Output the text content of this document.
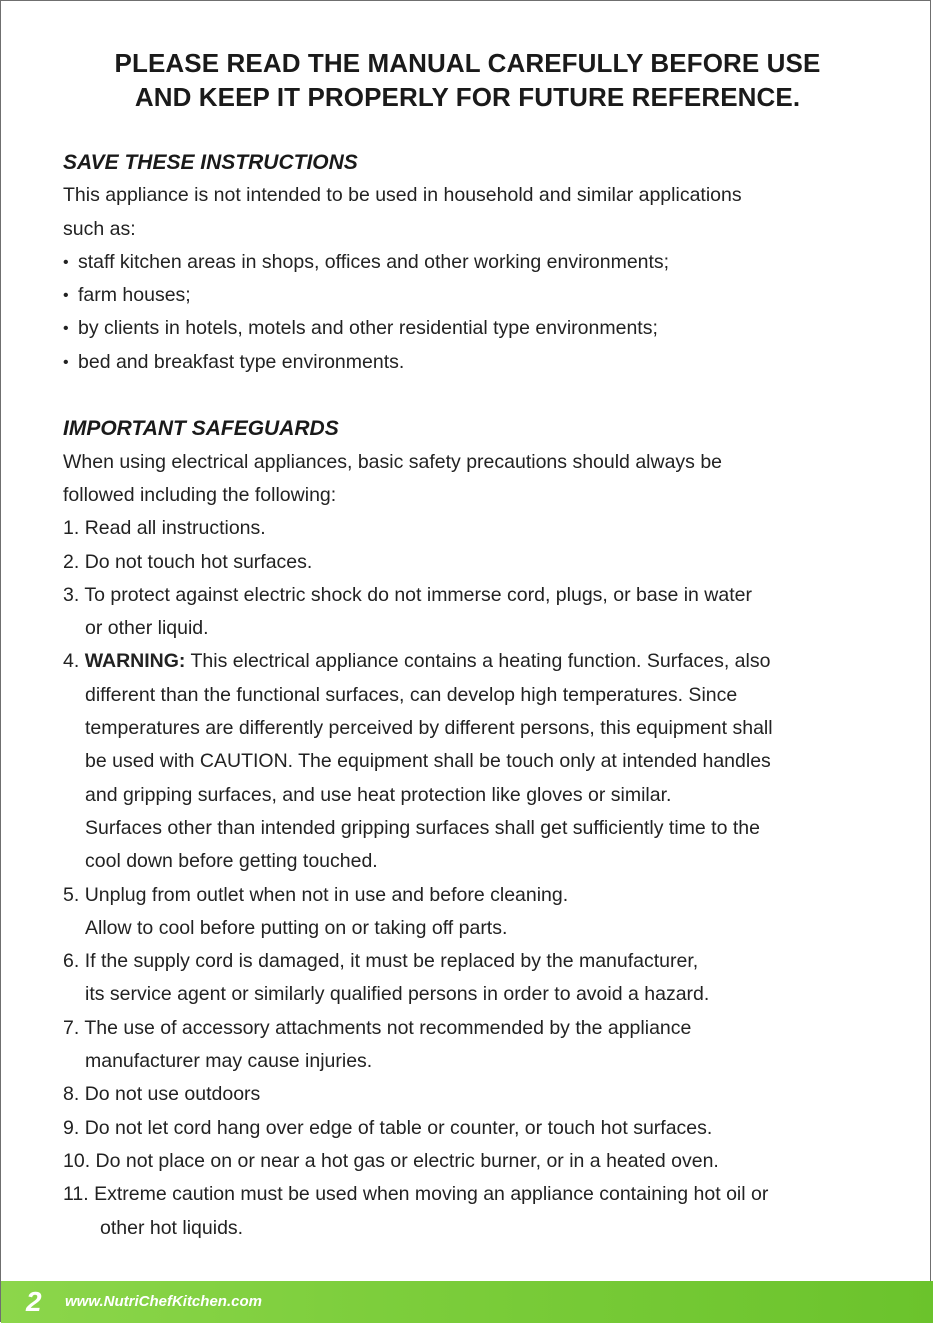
PLEASE READ THE MANUAL CAREFULLY BEFORE USE
AND KEEP IT PROPERLY FOR FUTURE REFERENCE.
SAVE THESE INSTRUCTIONS
This appliance is not intended to be used in household and similar applications
such as:
• staff kitchen areas in shops, offices and other working environments;
• farm houses;
• by clients in hotels, motels and other residential type environments;
• bed and breakfast type environments.
IMPORTANT SAFEGUARDS
When using electrical appliances, basic safety precautions should always be
followed including the following:
1. Read all instructions.
2. Do not touch hot surfaces.
3. To protect against electric shock do not immerse cord, plugs, or base in water
or other liquid.
4. WARNING: This electrical appliance contains a heating function. Surfaces, also
different than the functional surfaces, can develop high temperatures. Since
temperatures are differently perceived by different persons, this equipment shall
be used with CAUTION. The equipment shall be touch only at intended handles
and gripping surfaces, and use heat protection like gloves or similar.
Surfaces other than intended gripping surfaces shall get sufficiently time to the
cool down before getting touched.
5. Unplug from outlet when not in use and before cleaning.
Allow to cool before putting on or taking off parts.
6. If the supply cord is damaged, it must be replaced by the manufacturer,
its service agent or similarly qualified persons in order to avoid a hazard.
7. The use of accessory attachments not recommended by the appliance
manufacturer may cause injuries.
8. Do not use outdoors
9. Do not let cord hang over edge of table or counter, or touch hot surfaces.
10. Do not place on or near a hot gas or electric burner, or in a heated oven.
11. Extreme caution must be used when moving an appliance containing hot oil or
other hot liquids.
2 www.NutriChefKitchen.com
